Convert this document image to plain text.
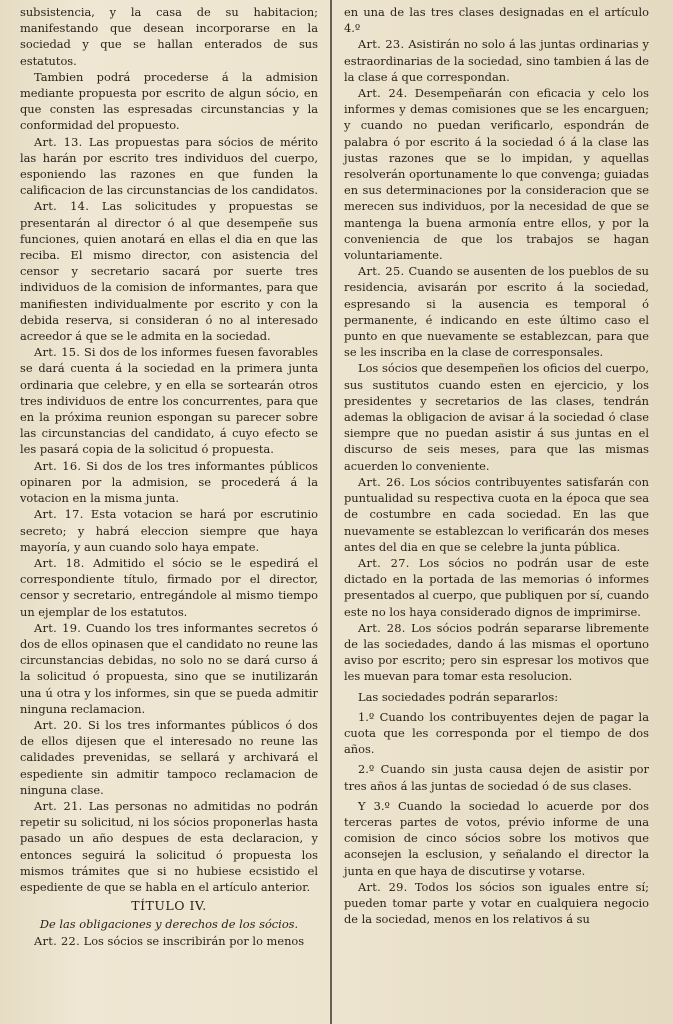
subsistencia, y la casa de su habitacion; manifestando que desean incorporarse en la sociedad y que se hallan enterados de sus estatutos.

Tambien podrá procederse á la admision mediante propuesta por escrito de algun sócio, en que consten las espresadas circunstancias y la conformidad del propuesto.

Art. 13. Las propuestas para sócios de mérito las harán por escrito tres individuos del cuerpo, esponiendo las razones en que funden la calificacion de las circunstancias de los candidatos.

Art. 14. Las solicitudes y propuestas se presentarán al director ó al que desempeñe sus funciones, quien anotará en ellas el dia en que las reciba. El mismo director, con asistencia del censor y secretario sacará por suerte tres individuos de la comision de informantes, para que manifiesten individualmente por escrito y con la debida reserva, si consideran ó no al interesado acreedor á que se le admita en la sociedad.

Art. 15. Si dos de los informes fuesen favorables se dará cuenta á la sociedad en la primera junta ordinaria que celebre, y en ella se sortearán otros tres individuos de entre los concurrentes, para que en la próxima reunion espongan su parecer sobre las circunstancias del candidato, á cuyo efecto se les pasará copia de la solicitud ó propuesta.

Art. 16. Si dos de los tres informantes públicos opinaren por la admision, se procederá á la votacion en la misma junta.

Art. 17. Esta votacion se hará por escrutinio secreto; y habrá eleccion siempre que haya mayoría, y aun cuando solo haya empate.

Art. 18. Admitido el sócio se le espedirá el correspondiente título, firmado por el director, censor y secretario, entregándole al mismo tiempo un ejemplar de los estatutos.

Art. 19. Cuando los tres informantes secretos ó dos de ellos opinasen que el candidato no reune las circunstancias debidas, no solo no se dará curso á la solicitud ó propuesta, sino que se inutilizarán una ú otra y los informes, sin que se pueda admitir ninguna reclamacion.

Art. 20. Si los tres informantes públicos ó dos de ellos dijesen que el interesado no reune las calidades prevenidas, se sellará y archivará el espediente sin admitir tampoco reclamacion de ninguna clase.

Art. 21. Las personas no admitidas no podrán repetir su solicitud, ni los sócios proponerlas hasta pasado un año despues de esta declaracion, y entonces seguirá la solicitud ó propuesta los mismos trámites que si no hubiese ecsistido el espediente de que se habla en el artículo anterior.

TÍTULO IV.

De las obligaciones y derechos de los sócios.

Art. 22. Los sócios se inscribirán por lo menos

en una de las tres clases designadas en el artículo 4.º

Art. 23. Asistirán no solo á las juntas ordinarias y estraordinarias de la sociedad, sino tambien á las de la clase á que correspondan.

Art. 24. Desempeñarán con eficacia y celo los informes y demas comisiones que se les encarguen; y cuando no puedan verificarlo, espondrán de palabra ó por escrito á la sociedad ó á la clase las justas razones que se lo impidan, y aquellas resolverán oportunamente lo que convenga; guiadas en sus determinaciones por la consideracion que se merecen sus individuos, por la necesidad de que se mantenga la buena armonía entre ellos, y por la conveniencia de que los trabajos se hagan voluntariamente.

Art. 25. Cuando se ausenten de los pueblos de su residencia, avisarán por escrito á la sociedad, espresando si la ausencia es temporal ó permanente, é indicando en este último caso el punto en que nuevamente se establezcan, para que se les inscriba en la clase de corresponsales.

Los sócios que desempeñen los oficios del cuerpo, sus sustitutos cuando esten en ejercicio, y los presidentes y secretarios de las clases, tendrán ademas la obligacion de avisar á la sociedad ó clase siempre que no puedan asistir á sus juntas en el discurso de seis meses, para que las mismas acuerden lo conveniente.

Art. 26. Los sócios contribuyentes satisfarán con puntualidad su respectiva cuota en la época que sea de costumbre en cada sociedad. En las que nuevamente se establezcan lo verificarán dos meses antes del dia en que se celebre la junta pública.

Art. 27. Los sócios no podrán usar de este dictado en la portada de las memorias ó informes presentados al cuerpo, que publiquen por sí, cuando este no los haya considerado dignos de imprimirse.

Art. 28. Los sócios podrán separarse libremente de las sociedades, dando á las mismas el oportuno aviso por escrito; pero sin espresar los motivos que les muevan para tomar esta resolucion.

Las sociedades podrán separarlos:

1.º Cuando los contribuyentes dejen de pagar la cuota que les corresponda por el tiempo de dos años.

2.º Cuando sin justa causa dejen de asistir por tres años á las juntas de sociedad ó de sus clases.

Y 3.º Cuando la sociedad lo acuerde por dos terceras partes de votos, prévio informe de una comision de cinco sócios sobre los motivos que aconsejen la esclusion, y señalando el director la junta en que haya de discutirse y votarse.

Art. 29. Todos los sócios son iguales entre sí; pueden tomar parte y votar en cualquiera negocio de la sociedad, menos en los relativos á su
